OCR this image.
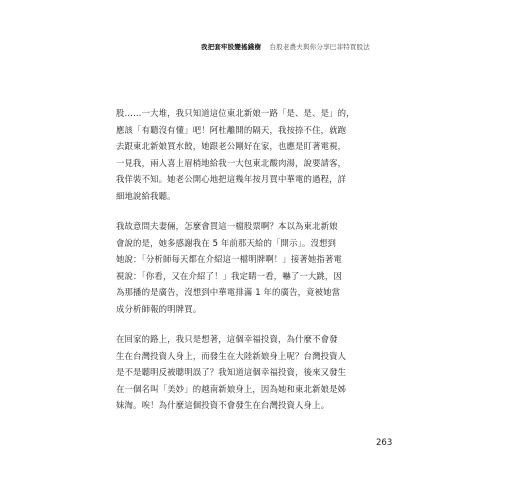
我把套牢股變搖錢樹 台股老農夫與你分享巴菲特買股法
股……一大堆，我只知道這位東北新娘一路「是、是、是」的，
應該「有聽沒有懂」吧！阿杜離開的隔天，我按捺不住，就跑
去跟東北新娘買水餃，她跟老公剛好在家，也應是盯著電視，
一見我，兩人喜上眉梢地給我一大包東北酸肉湯，說要請客，
我佯裝不知。她老公開心地把這幾年按月買中華電的過程，詳
細地說給我聽。
我故意問夫妻倆，怎麼會買這一檔股票啊？本以為東北新娘
會說的是，她多感謝我在 5 年前那天給的「開示」。沒想到
她說：「分析師每天都在介紹這一檔明牌啊！」接著她指著電
視說：「你看，又在介紹了！」我定睛一看，嚇了一大跳，因
為那播的是廣告，沒想到中華電排滿 1 年的廣告，竟被她當
成分析師報的明牌買。
在回家的路上，我只是想著，這個幸福投資，為什麼不會發
生在台灣投資人身上，而發生在大陸新娘身上呢？台灣投資人
是不是聽明反被聰明誤了？我知道這個幸福投資，後來又發生
在一個名叫「美妙」的越南新娘身上，因為她和東北新娘是姊
妹淘。唉！為什麼這個投資不會發生在台灣投資人身上。
263
